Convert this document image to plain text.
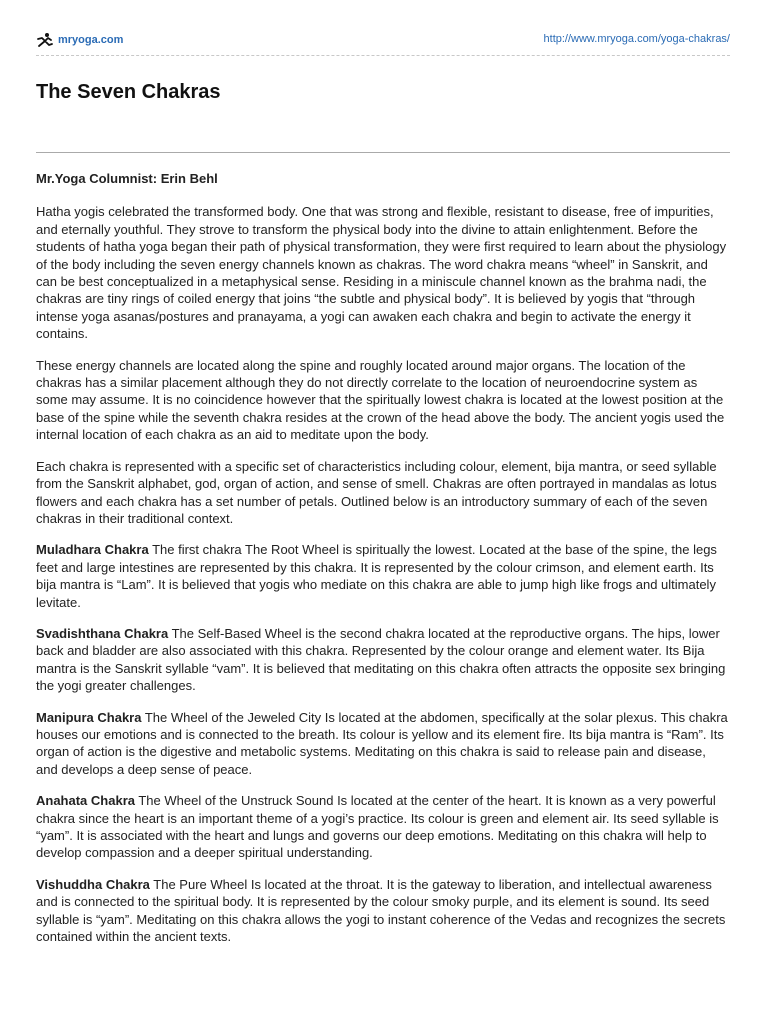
mryoga.com	http://www.mryoga.com/yoga-chakras/
The Seven Chakras

Mr.Yoga Columnist: Erin Behl

Hatha yogis celebrated the transformed body. One that was strong and flexible, resistant to disease, free of impurities, and eternally youthful. They strove to transform the physical body into the divine to attain enlightenment. Before the students of hatha yoga began their path of physical transformation, they were first required to learn about the physiology of the body including the seven energy channels known as chakras. The word chakra means “wheel” in Sanskrit, and can be best conceptualized in a metaphysical sense. Residing in a miniscule channel known as the brahma nadi, the chakras are tiny rings of coiled energy that joins “the subtle and physical body”. It is believed by yogis that “through intense yoga asanas/postures and pranayama, a yogi can awaken each chakra and begin to activate the energy it contains.

These energy channels are located along the spine and roughly located around major organs. The location of the chakras has a similar placement although they do not directly correlate to the location of neuroendocrine system as some may assume. It is no coincidence however that the spiritually lowest chakra is located at the lowest position at the base of the spine while the seventh chakra resides at the crown of the head above the body. The ancient yogis used the internal location of each chakra as an aid to meditate upon the body.

Each chakra is represented with a specific set of characteristics including colour, element, bija mantra, or seed syllable from the Sanskrit alphabet, god, organ of action, and sense of smell. Chakras are often portrayed in mandalas as lotus flowers and each chakra has a set number of petals. Outlined below is an introductory summary of each of the seven chakras in their traditional context.

Muladhara Chakra The first chakra The Root Wheel is spiritually the lowest. Located at the base of the spine, the legs feet and large intestines are represented by this chakra. It is represented by the colour crimson, and element earth. Its bija mantra is “Lam”. It is believed that yogis who mediate on this chakra are able to jump high like frogs and ultimately levitate.

Svadishthana Chakra The Self-Based Wheel is the second chakra located at the reproductive organs. The hips, lower back and bladder are also associated with this chakra. Represented by the colour orange and element water. Its Bija mantra is the Sanskrit syllable “vam”. It is believed that meditating on this chakra often attracts the opposite sex bringing the yogi greater challenges.

Manipura Chakra The Wheel of the Jeweled City Is located at the abdomen, specifically at the solar plexus. This chakra houses our emotions and is connected to the breath. Its colour is yellow and its element fire. Its bija mantra is “Ram”. Its organ of action is the digestive and metabolic systems. Meditating on this chakra is said to release pain and disease, and develops a deep sense of peace.

Anahata Chakra The Wheel of the Unstruck Sound Is located at the center of the heart. It is known as a very powerful chakra since the heart is an important theme of a yogi’s practice. Its colour is green and element air. Its seed syllable is “yam”. It is associated with the heart and lungs and governs our deep emotions. Meditating on this chakra will help to develop compassion and a deeper spiritual understanding.

Vishuddha Chakra The Pure Wheel Is located at the throat. It is the gateway to liberation, and intellectual awareness and is connected to the spiritual body. It is represented by the colour smoky purple, and its element is sound. Its seed syllable is “yam”. Meditating on this chakra allows the yogi to instant coherence of the Vedas and recognizes the secrets contained within the ancient texts.
